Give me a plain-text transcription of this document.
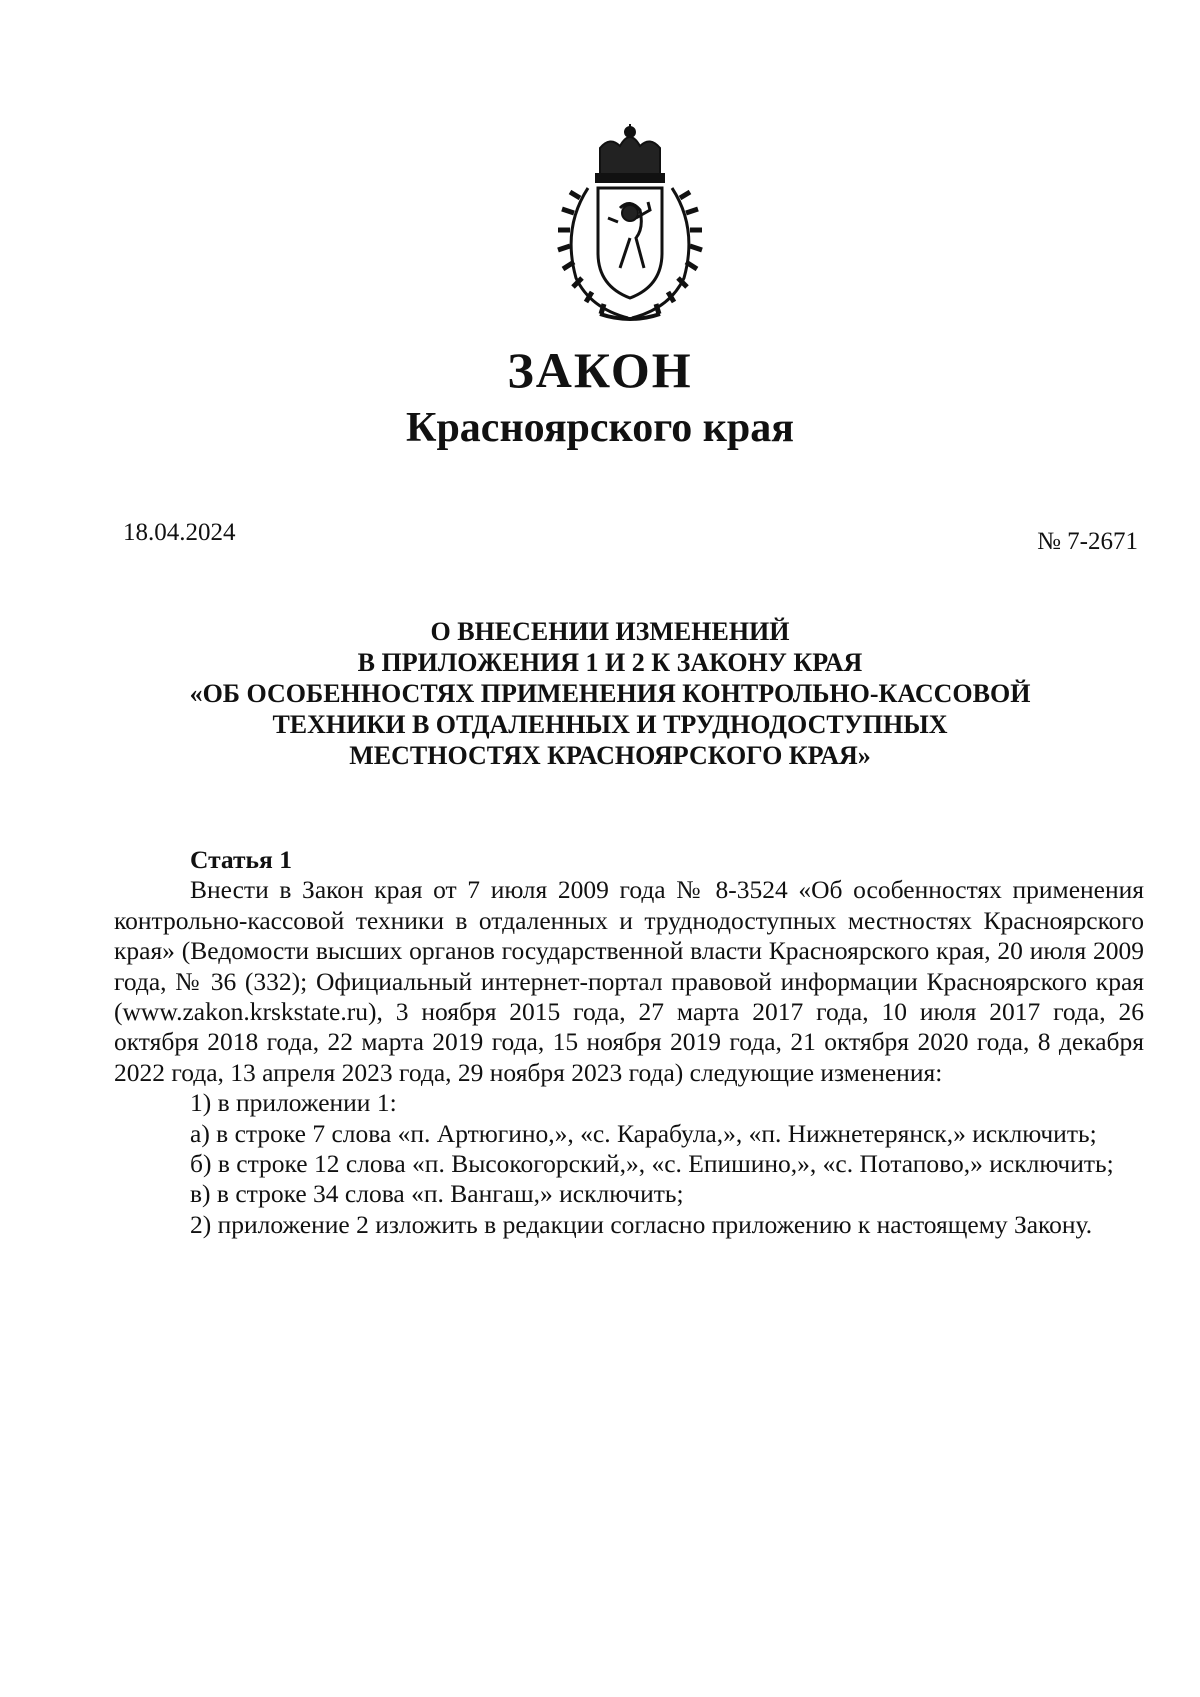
ЗАКОН
Красноярского края
18.04.2024	№ 7-2671
О ВНЕСЕНИИ ИЗМЕНЕНИЙ
В ПРИЛОЖЕНИЯ 1 И 2 К ЗАКОНУ КРАЯ
«ОБ ОСОБЕННОСТЯХ ПРИМЕНЕНИЯ КОНТРОЛЬНО-КАССОВОЙ
ТЕХНИКИ В ОТДАЛЕННЫХ И ТРУДНОДОСТУПНЫХ
МЕСТНОСТЯХ КРАСНОЯРСКОГО КРАЯ»

Статья 1

Внести в Закон края от 7 июля 2009 года № 8-3524 «Об особенностях применения контрольно-кассовой техники в отдаленных и труднодоступных местностях Красноярского края» (Ведомости высших органов государственной власти Красноярского края, 20 июля 2009 года, № 36 (332); Официальный интернет-портал правовой информации Красноярского края (www.zakon.krskstate.ru), 3 ноября 2015 года, 27 марта 2017 года, 10 июля 2017 года, 26 октября 2018 года, 22 марта 2019 года, 15 ноября 2019 года, 21 октября 2020 года, 8 декабря 2022 года, 13 апреля 2023 года, 29 ноября 2023 года) следующие изменения:

1) в приложении 1:

а) в строке 7 слова «п. Артюгино,», «с. Карабула,», «п. Нижнетерянск,» исключить;

б) в строке 12 слова «п. Высокогорский,», «с. Епишино,», «с. Потапово,» исключить;

в) в строке 34 слова «п. Вангаш,» исключить;

2) приложение 2 изложить в редакции согласно приложению к настоящему Закону.
